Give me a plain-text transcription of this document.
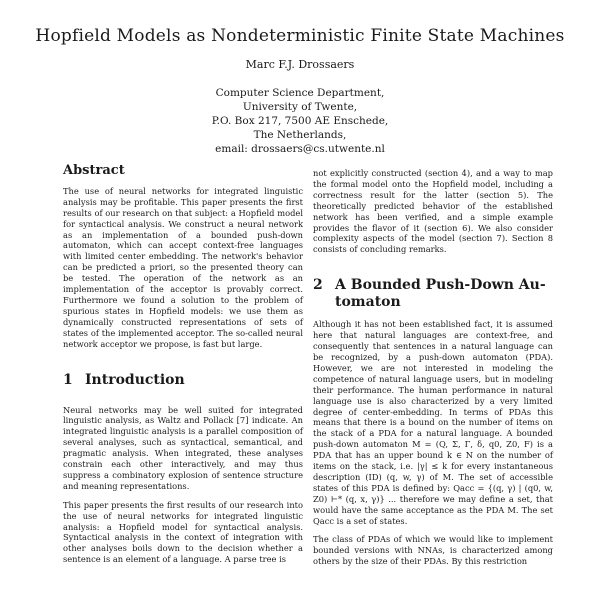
Hopfield Models as Nondeterministic Finite State Machines
Marc F.J. Drossaers
Computer Science Department,
University of Twente,
P.O. Box 217, 7500 AE Enschede,
The Netherlands,
email: drossaers@cs.utwente.nl
Abstract

The use of neural networks for integrated linguistic analysis may be profitable. This paper presents the first results of our research on that subject: a Hopfield model for syntactical analysis. We construct a neural network as an implementation of a bounded push-down automaton, which can accept context-free languages with limited center embedding. The network's behavior can be predicted a priori, so the presented theory can be tested. The operation of the network as an implementation of the acceptor is provably correct. Furthermore we found a solution to the problem of spurious states in Hopfield models: we use them as dynamically constructed representations of sets of states of the implemented acceptor. The so-called neural network acceptor we propose, is fast but large.

1 Introduction

Neural networks may be well suited for integrated linguistic analysis, as Waltz and Pollack [7] indicate. An integrated linguistic analysis is a parallel composition of several analyses, such as syntactical, semantical, and pragmatic analysis. When integrated, these analyses constrain each other interactively, and may thus suppress a combinatory explosion of sentence structure and meaning representations.

This paper presents the first results of our research into the use of neural networks for integrated linguistic analysis: a Hopfield model for syntactical analysis. Syntactical analysis in the context of integration with other analyses boils down to the decision whether a sentence is an element of a language. A parse tree is

not explicitly constructed (section 4), and a way to map the formal model onto the Hopfield model, including a correctness result for the latter (section 5). The theoretically predicted behavior of the established network has been verified, and a simple example provides the flavor of it (section 6). We also consider complexity aspects of the model (section 7). Section 8 consists of concluding remarks.

2 A Bounded Push-Down Au-
tomaton

Although it has not been established fact, it is assumed here that natural languages are context-free, and consequently that sentences in a natural language can be recognized, by a push-down automaton (PDA). However, we are not interested in modeling the competence of natural language users, but in modeling their performance. The human performance in natural language use is also characterized by a very limited degree of center-embedding. In terms of PDAs this means that there is a bound on the number of items on the stack of a PDA for a natural language. A bounded push-down automaton M = (Q, Σ, Γ, δ, q0, Z0, F) is a PDA that has an upper bound k ∈ N on the number of items on the stack, i.e. |γ| ≤ k for every instantaneous description (ID) (q, w, γ) of M. The set of accessible states of this PDA is defined by: Qacc = {(q, γ) | (q0, w, Z0) ⊢* (q, x, γ)} ... therefore we may define a set, that would have the same acceptance as the PDA M. The set Qacc is a set of states.

The class of PDAs of which we would like to implement bounded versions with NNAs, is characterized among others by the size of their PDAs. By this restriction
